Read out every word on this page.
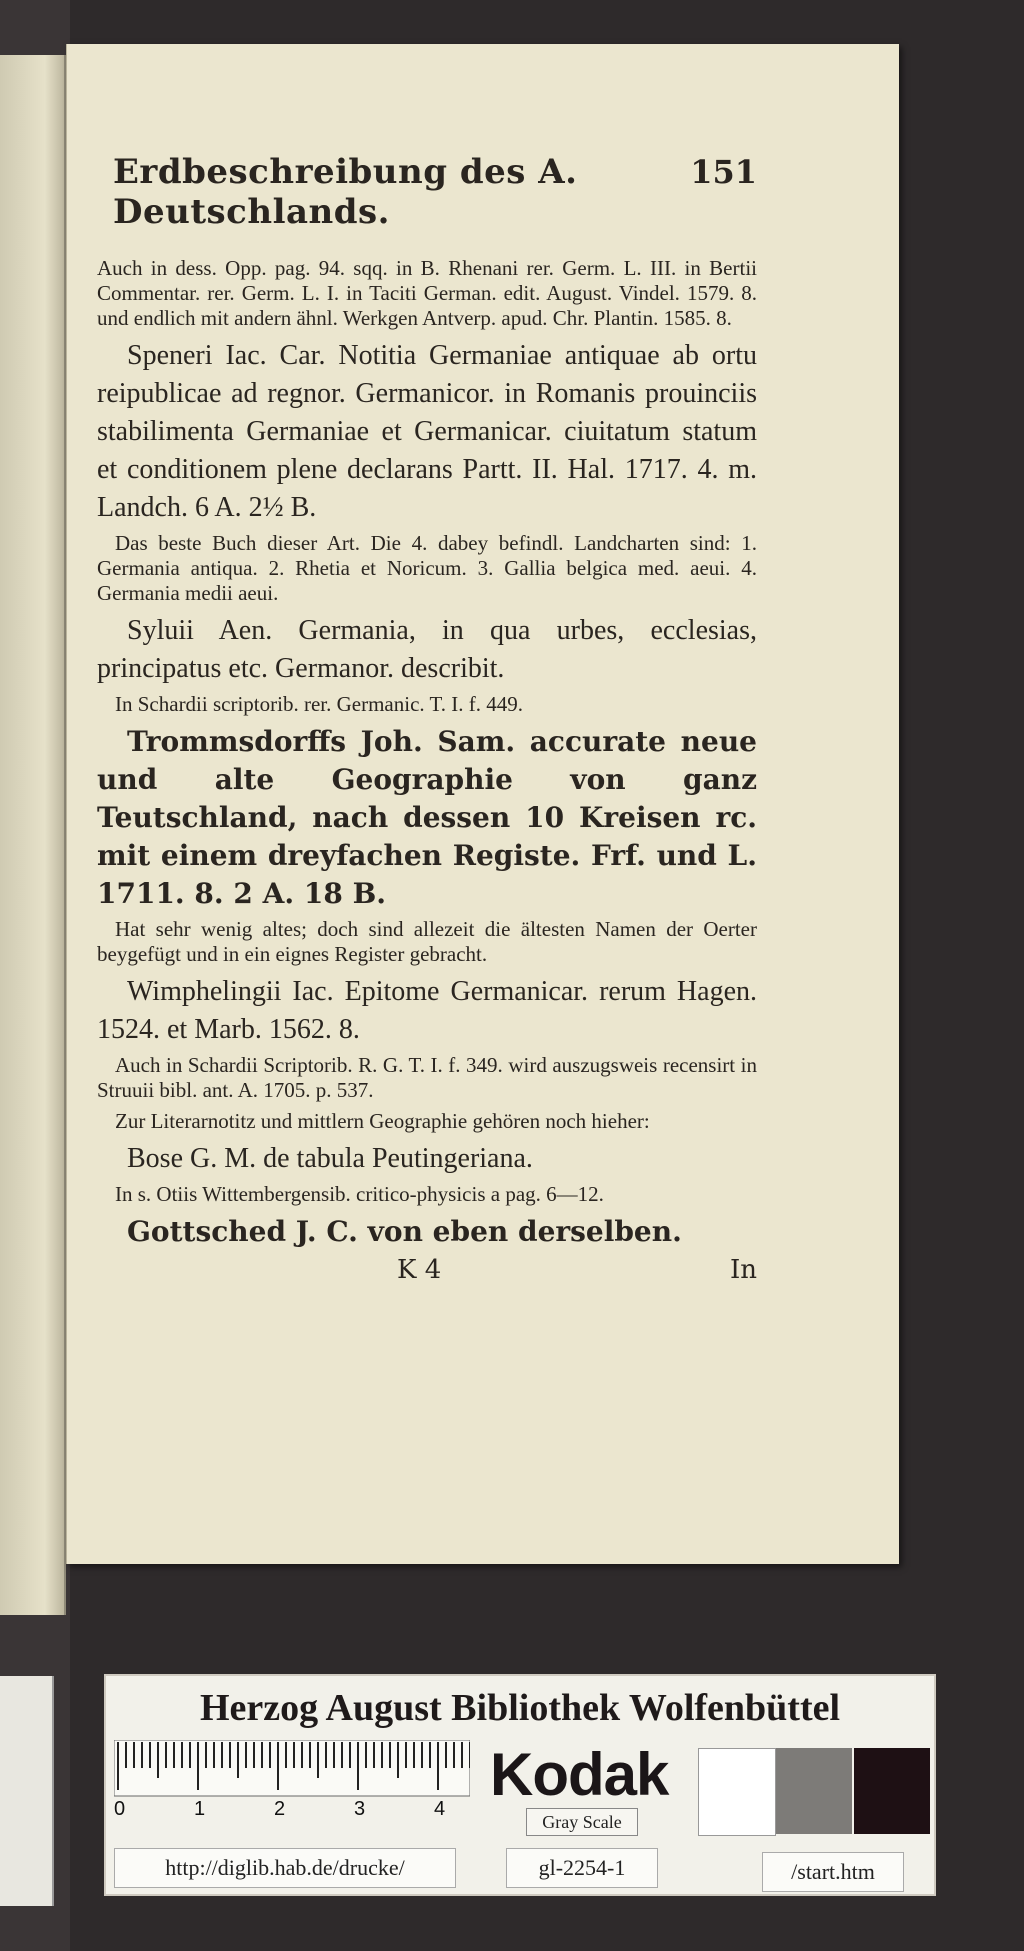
Erdbeschreibung des A. Deutschlands.
151

Auch in dess. Opp. pag. 94. sqq. in B. Rhenani rer. Germ. L. III. in Bertii Commentar. rer. Germ. L. I. in Taciti German. edit. August. Vindel. 1579. 8. und endlich mit andern ähnl. Werkgen Antverp. apud. Chr. Plantin. 1585. 8.

Speneri Iac. Car. Notitia Germaniae antiquae ab ortu reipublicae ad regnor. Germanicor. in Romanis prouinciis stabilimenta Germaniae et Germanicar. ciuitatum statum et conditionem plene declarans Partt. II. Hal. 1717. 4. m. Landch. 6 A. 2½ B.

Das beste Buch dieser Art. Die 4. dabey befindl. Landcharten sind: 1. Germania antiqua. 2. Rhetia et Noricum. 3. Gallia belgica med. aeui. 4. Germania medii aeui.

Syluii Aen. Germania, in qua urbes, ecclesias, principatus etc. Germanor. describit.

In Schardii scriptorib. rer. Germanic. T. I. f. 449.

Trommsdorffs Joh. Sam. accurate neue und alte Geographie von ganz Teutschland, nach dessen 10 Kreisen rc. mit einem dreyfachen Registe. Frf. und L. 1711. 8. 2 A. 18 B.

Hat sehr wenig altes; doch sind allezeit die ältesten Namen der Oerter beygefügt und in ein eignes Register gebracht.

Wimphelingii Iac. Epitome Germanicar. rerum Hagen. 1524. et Marb. 1562. 8.

Auch in Schardii Scriptorib. R. G. T. I. f. 349. wird auszugsweis recensirt in Struuii bibl. ant. A. 1705. p. 537.

Zur Literarnotitz und mittlern Geographie gehören noch hieher:

Bose G. M. de tabula Peutingeriana.

In s. Otiis Wittembergensib. critico-physicis a pag. 6—12.

Gottsched J. C. von eben derselben.

K 4	In
Herzog August Bibliothek Wolfenbüttel
0	1	2	3	4
Kodak
Gray Scale
http://diglib.hab.de/drucke/	gl-2254-1	/start.htm
